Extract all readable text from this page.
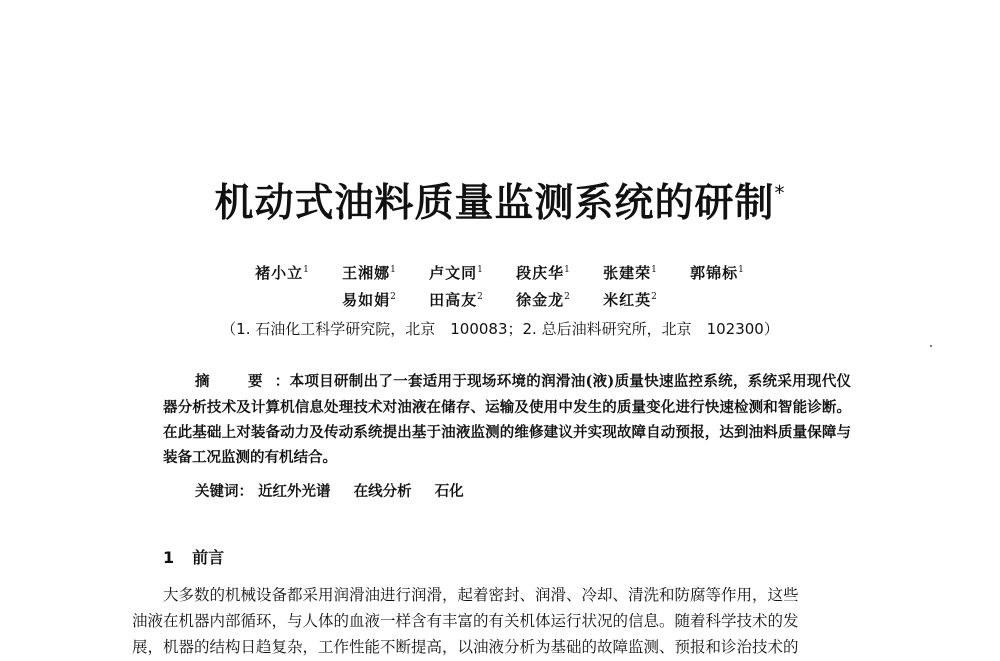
机动式油料质量监测系统的研制*
褚小立$^1$ 王湘娜$^1$ 卢文同$^1$ 段庆华$^1$ 张建荣$^1$ 郭锦标$^1$
易如娟$^2$ 田高友$^2$ 徐金龙$^2$ 米红英$^2$
（1. 石油化工科学研究院，北京　100083；2. 总后油料研究所，北京　102300）
摘　要：本项目研制出了一套适用于现场环境的润滑油(液)质量快速监控系统，系统采用现代仪器分析技术及计算机信息处理技术对油液在储存、运输及使用中发生的质量变化进行快速检测和智能诊断。在此基础上对装备动力及传动系统提出基于油液监测的维修建议并实现故障自动预报，达到油料质量保障与装备工况监测的有机结合。
关键词： 近红外光谱 在线分析 石化
1 前言
大多数的机械设备都采用润滑油进行润滑，起着密封、润滑、冷却、清洗和防腐等作用，这些
油液在机器内部循环，与人体的血液一样含有丰富的有关机体运行状况的信息。随着科学技术的发
展，机器的结构日趋复杂，工作性能不断提高，以油液分析为基础的故障监测、预报和诊治技术的
